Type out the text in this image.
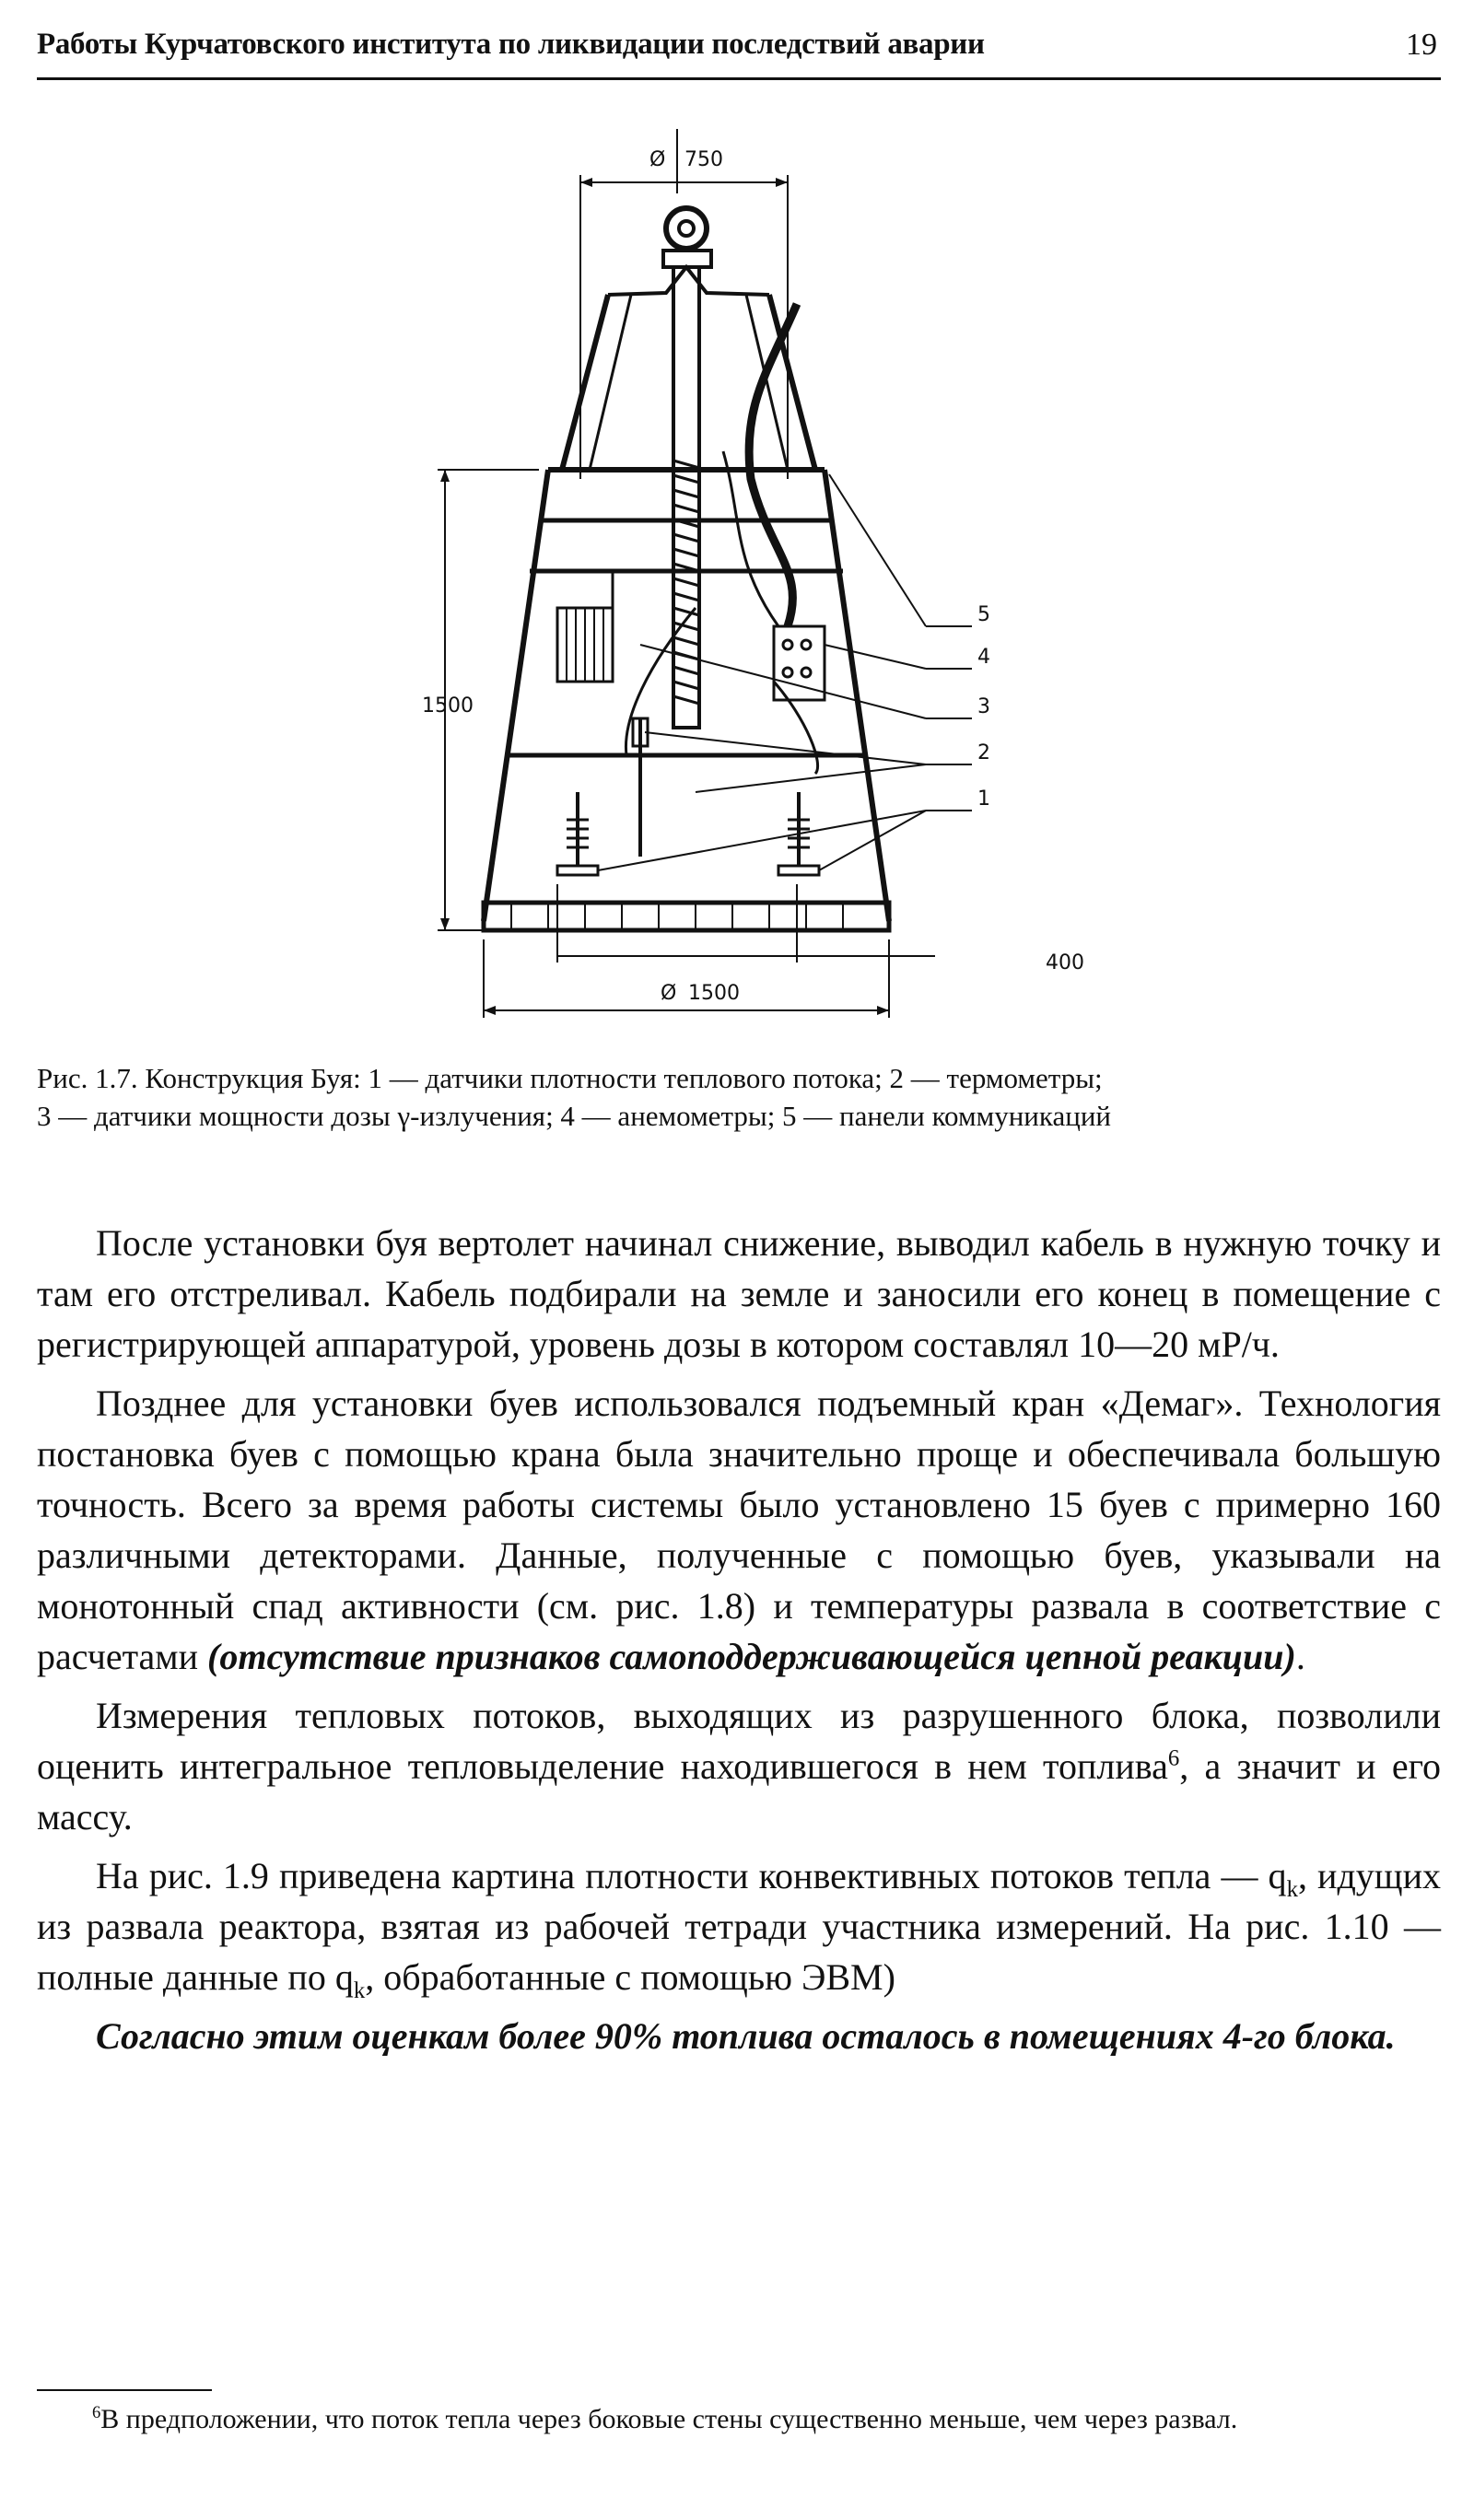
Работы Курчатовского института по ликвидации последствий аварии	19
Ø 750
1500
Ø 1500
400
5
4
3
2
1
Рис. 1.7. Конструкция Буя: 1 — датчики плотности теплового потока; 2 — термометры;
3 — датчики мощности дозы γ-излучения; 4 — анемометры; 5 — панели коммуникаций

После установки буя вертолет начинал снижение, выводил кабель в нужную точку и там его отстреливал. Кабель подбирали на земле и заносили его конец в помещение с регистрирующей аппаратурой, уровень дозы в котором составлял 10—20 мР/ч.

Позднее для установки буев использовался подъемный кран «Демаг». Технология постановка буев с помощью крана была значительно проще и обеспечивала большую точность. Всего за время работы системы было установлено 15 буев с примерно 160 различными детекторами. Данные, полученные с помощью буев, указывали на монотонный спад активности (см. рис. 1.8) и температуры развала в соответствие с расчетами (отсутствие признаков самоподдерживающейся цепной реакции).

Измерения тепловых потоков, выходящих из разрушенного блока, позволили оценить интегральное тепловыделение находившегося в нем топлива$^6$, а значит и его массу.

На рис. 1.9 приведена картина плотности конвективных потоков тепла — $q_k$, идущих из развала реактора, взятая из рабочей тетради участника измерений. На рис. 1.10 — полные данные по $q_k$, обработанные с помощью ЭВМ)

Согласно этим оценкам более 90% топлива осталось в помещениях 4-го блока.

$^6$В предположении, что поток тепла через боковые стены существенно меньше, чем через развал.
